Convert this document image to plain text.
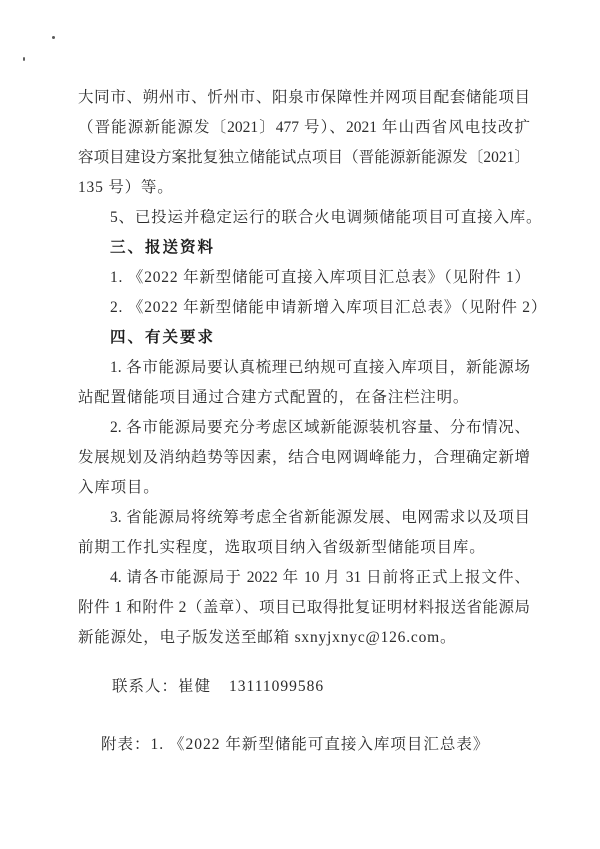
大同市、朔州市、忻州市、阳泉市保障性并网项目配套储能项目

（晋能源新能源发〔2021〕477 号）、2021 年山西省风电技改扩

容项目建设方案批复独立储能试点项目（晋能源新能源发〔2021〕

135 号）等。

5、已投运并稳定运行的联合火电调频储能项目可直接入库。

三、报送资料

1. 《2022 年新型储能可直接入库项目汇总表》（见附件 1）

2. 《2022 年新型储能申请新增入库项目汇总表》（见附件 2）

四、有关要求

1. 各市能源局要认真梳理已纳规可直接入库项目，新能源场

站配置储能项目通过合建方式配置的，在备注栏注明。

2. 各市能源局要充分考虑区域新能源装机容量、分布情况、

发展规划及消纳趋势等因素，结合电网调峰能力，合理确定新增

入库项目。

3. 省能源局将统筹考虑全省新能源发展、电网需求以及项目

前期工作扎实程度，选取项目纳入省级新型储能项目库。

4. 请各市能源局于 2022 年 10 月 31 日前将正式上报文件、

附件 1 和附件 2（盖章）、项目已取得批复证明材料报送省能源局

新能源处，电子版发送至邮箱 sxnyjxnyc@126.com。

联系人：崔健 13111099586

附表：1. 《2022 年新型储能可直接入库项目汇总表》
